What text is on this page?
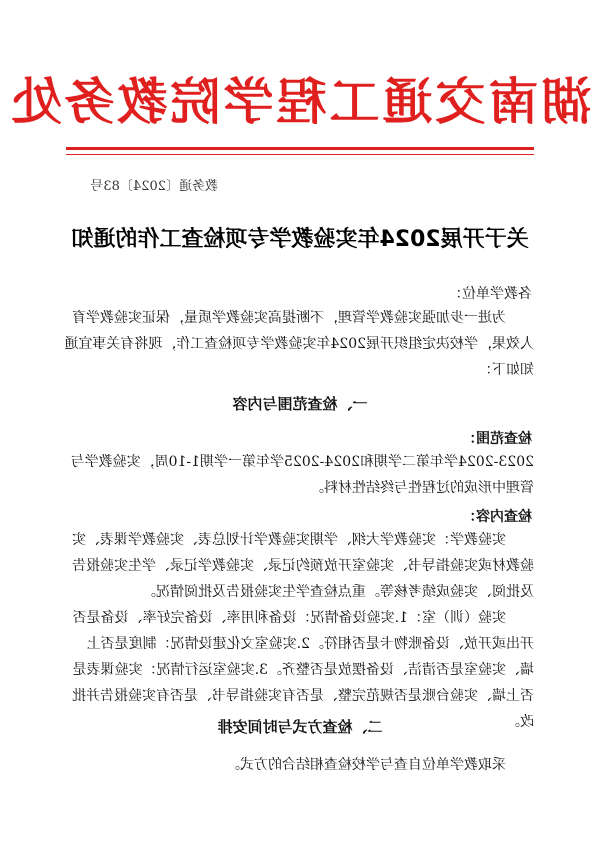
湖南交通工程学院教务处
教务通〔2024〕83号
关于开展2024年实验教学专项检查工作的通知
各教学单位：
为进一步加强实验教学管理，不断提高实验教学质量，保证实验教学育人效果，学校决定组织开展2024年实验教学专项检查工作，现将有关事宜通知如下：
一、检查范围与内容
检查范围：
2023-2024学年第二学期和2024-2025学年第一学期1-10周，实验教学与管理中形成的过程性与终结性材料。
检查内容：
实验教学：实验教学大纲、学期实验教学计划总表、实验教学课表、实验教材或实验指导书、实验室开放预约记录、实验教学记录、学生实验报告及批阅、实验成绩考核等。重点检查学生实验报告及批阅情况。
实验（训）室：1.实验设备情况：设备利用率、设备完好率、设备是否开出或开放、设备账物卡是否相符。2.实验室文化建设情况：制度是否上墙、实验室是否清洁、设备摆放是否整齐。3.实验室运行情况：实验课表是否上墙、实验台账是否规范完整、是否有实验指导书、是否有实验报告并批改。
二、检查方式与时间安排
采取教学单位自查与学校检查相结合的方式。
